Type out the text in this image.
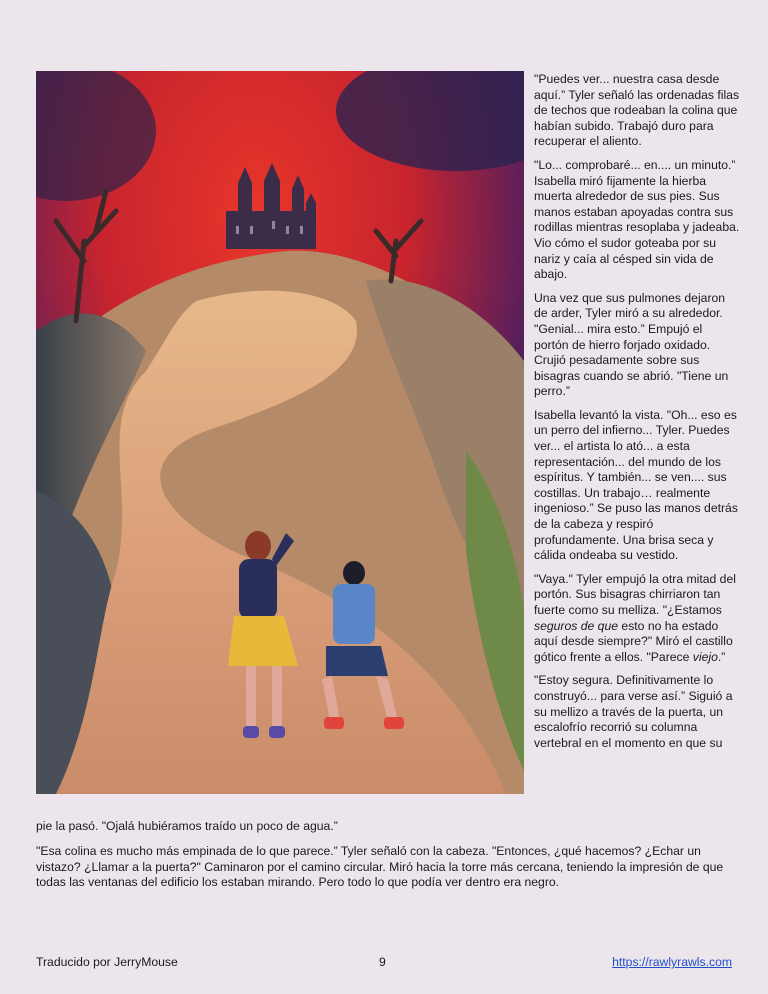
"Puedes ver... nuestra casa desde aquí.” Tyler señaló las ordenadas filas de techos que rodeaban la colina que habían subido. Trabajó duro para recuperar el aliento.

"Lo... comprobaré... en.... un minuto.” Isabella miró fijamente la hierba muerta alrededor de sus pies. Sus manos estaban apoyadas contra sus rodillas mientras resoplaba y jadeaba. Vio cómo el sudor goteaba por su nariz y caía al césped sin vida de abajo.

Una vez que sus pulmones dejaron de arder, Tyler miró a su alrededor. "Genial... mira esto.” Empujó el portón de hierro forjado oxidado. Crujió pesadamente sobre sus bisagras cuando se abrió. "Tiene un perro.”

Isabella levantó la vista. "Oh... eso es un perro del infierno... Tyler. Puedes ver... el artista lo ató... a esta representación... del mundo de los espíritus. Y también... se ven.... sus costillas. Un trabajo… realmente ingenioso.” Se puso las manos detrás de la cabeza y respiró profundamente. Una brisa seca y cálida ondeaba su vestido.

"Vaya." Tyler empujó la otra mitad del portón. Sus bisagras chirriaron tan fuerte como su melliza. "¿Estamos seguros de que esto no ha estado aquí desde siempre?" Miró el castillo gótico frente a ellos. "Parece viejo.”

"Estoy segura. Definitivamente lo construyó... para verse así.” Siguió a su mellizo a través de la puerta, un escalofrío recorrió su columna vertebral en el momento en que su

pie la pasó. "Ojalá hubiéramos traído un poco de agua.”

"Esa colina es mucho más empinada de lo que parece.” Tyler señaló con la cabeza. "Entonces, ¿qué hacemos? ¿Echar un vistazo? ¿Llamar a la puerta?" Caminaron por el camino circular. Miró hacia la torre más cercana, teniendo la impresión de que todas las ventanas del edificio los estaban mirando. Pero todo lo que podía ver dentro era negro.

Traducido por JerryMouse	9	https://rawlyrawls.com
